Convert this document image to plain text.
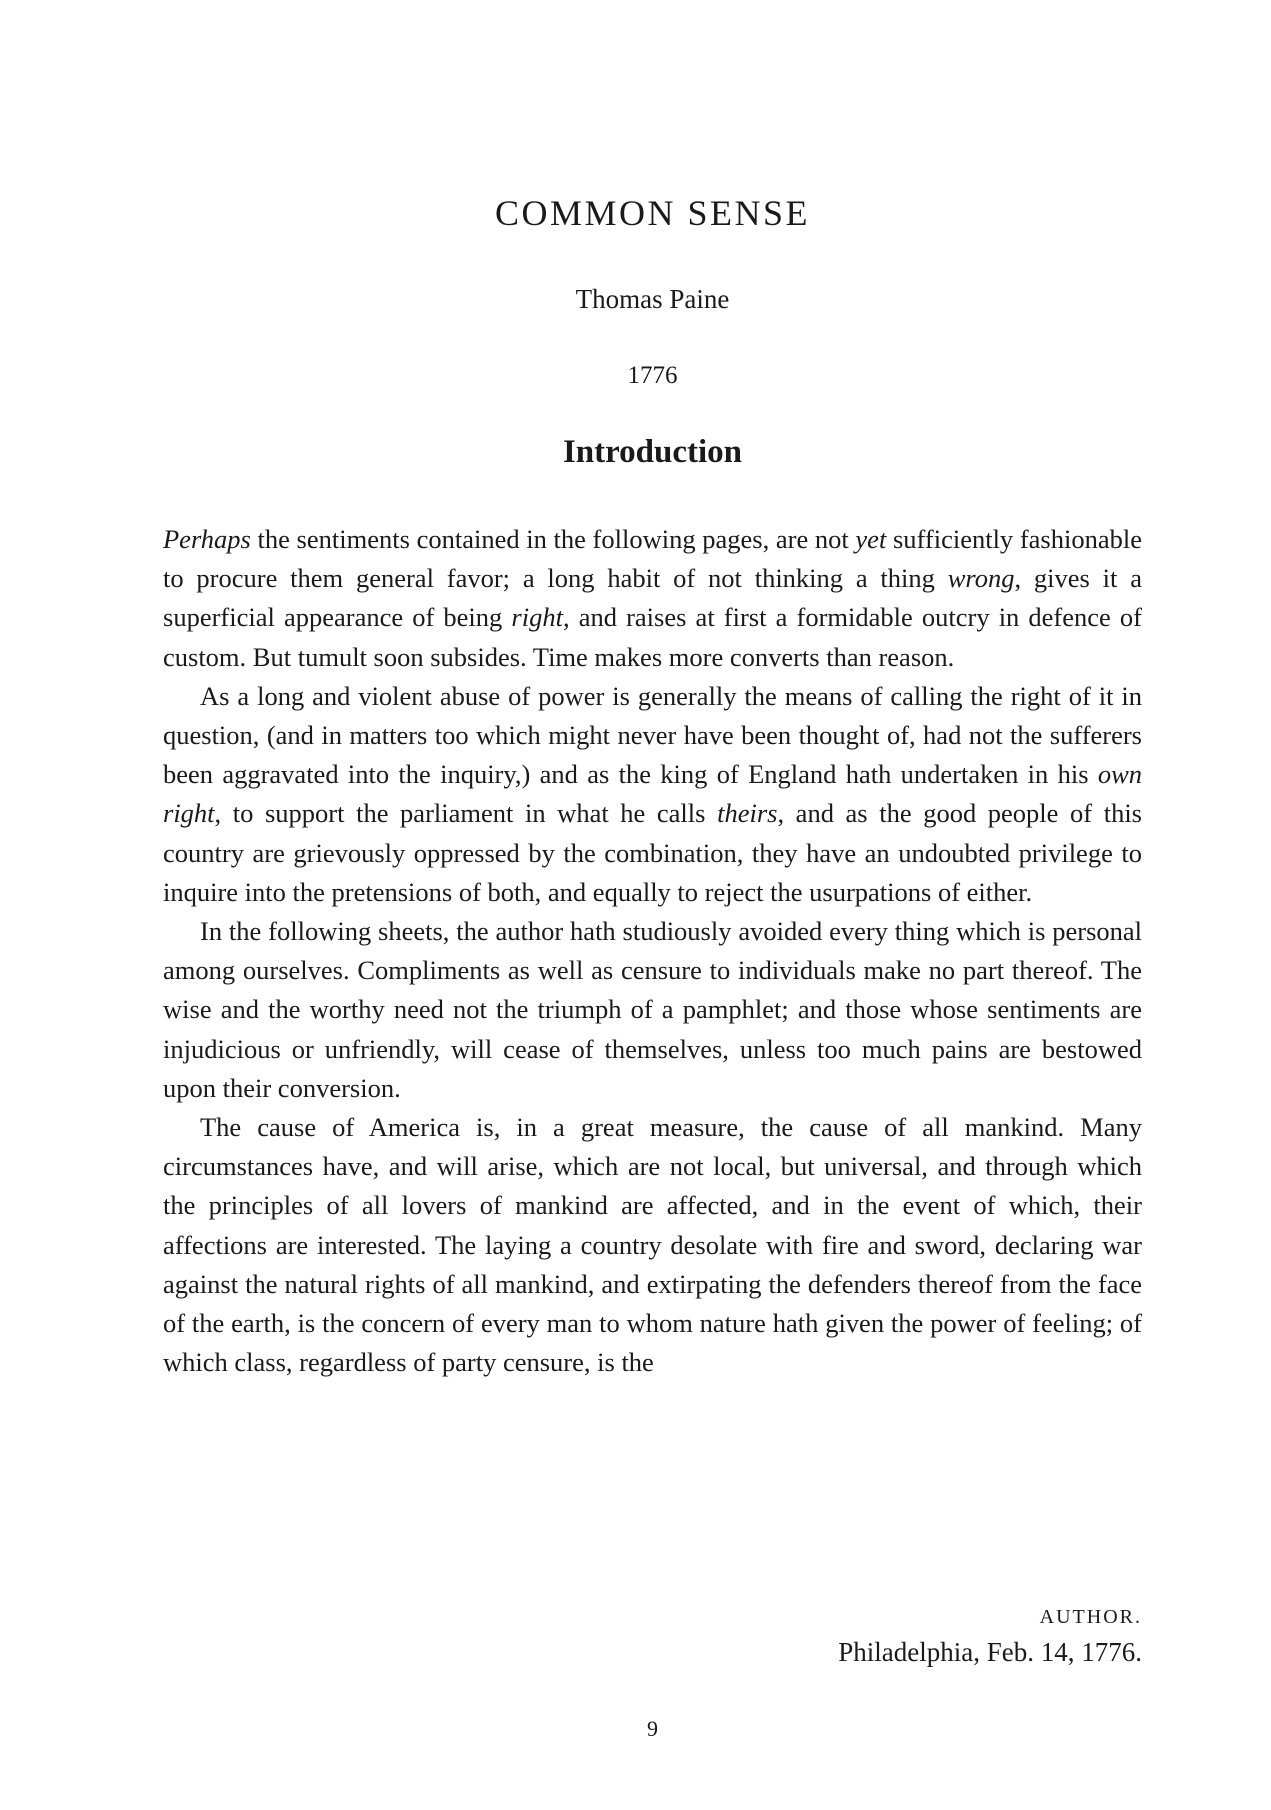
COMMON SENSE
Thomas Paine
1776
Introduction

Perhaps the sentiments contained in the following pages, are not yet sufficiently fashionable to procure them general favor; a long habit of not thinking a thing wrong, gives it a superficial appearance of being right, and raises at first a formidable outcry in defence of custom. But tumult soon subsides. Time makes more converts than reason.

As a long and violent abuse of power is generally the means of calling the right of it in question, (and in matters too which might never have been thought of, had not the sufferers been aggravated into the inquiry,) and as the king of England hath undertaken in his own right, to support the parliament in what he calls theirs, and as the good people of this country are grievously oppressed by the combination, they have an undoubted privilege to inquire into the pretensions of both, and equally to reject the usurpations of either.

In the following sheets, the author hath studiously avoided every thing which is personal among ourselves. Compliments as well as censure to individuals make no part thereof. The wise and the worthy need not the triumph of a pamphlet; and those whose sentiments are injudicious or unfriendly, will cease of themselves, unless too much pains are bestowed upon their conversion.

The cause of America is, in a great measure, the cause of all mankind. Many circumstances have, and will arise, which are not local, but universal, and through which the principles of all lovers of mankind are affected, and in the event of which, their affections are interested. The laying a country desolate with fire and sword, declaring war against the natural rights of all mankind, and extirpating the defenders thereof from the face of the earth, is the concern of every man to whom nature hath given the power of feeling; of which class, regardless of party censure, is the

AUTHOR.
Philadelphia, Feb. 14, 1776.
9
